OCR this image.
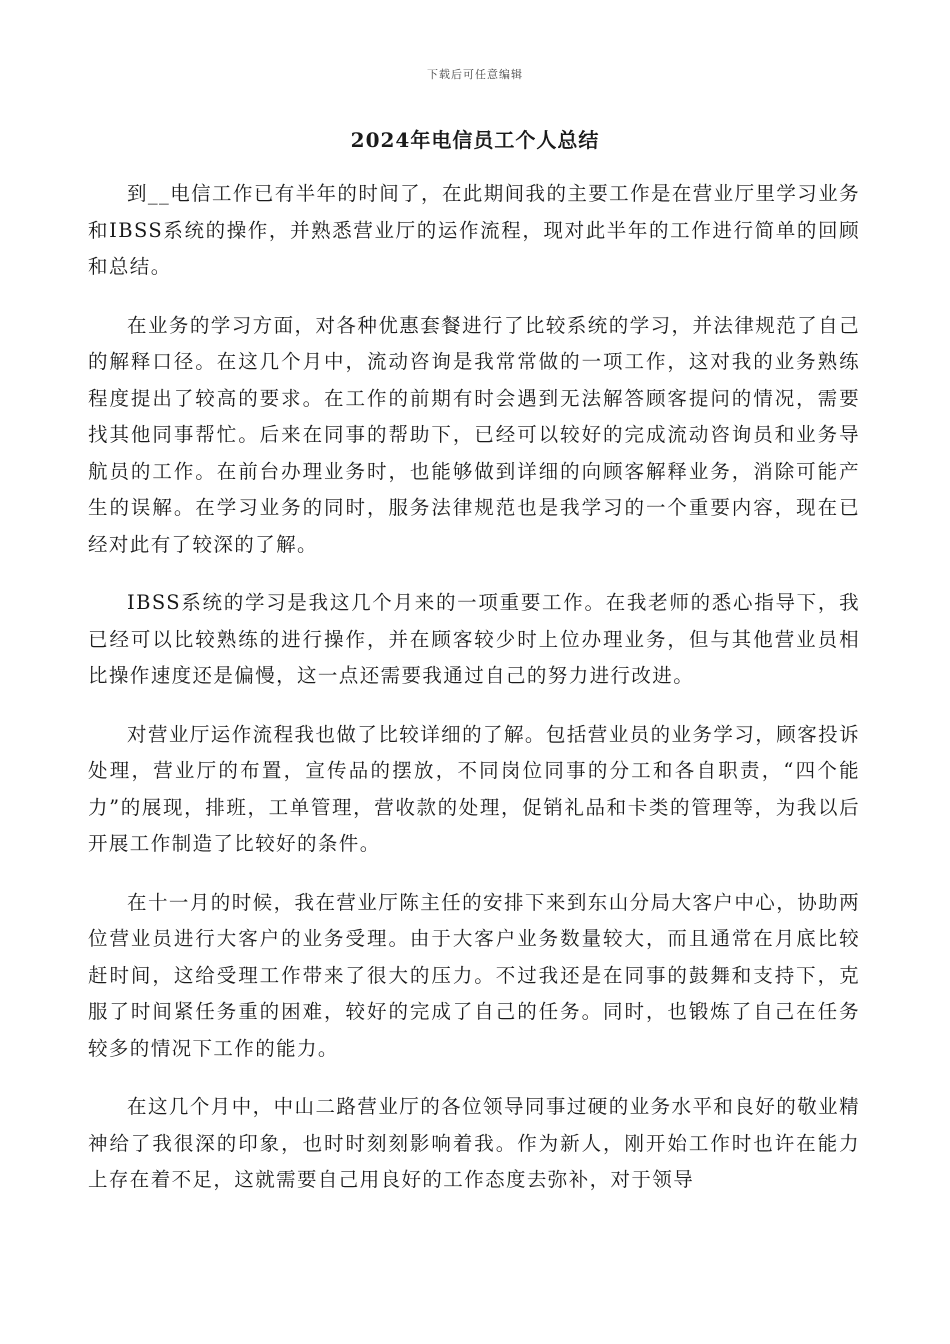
下载后可任意编辑
2024年电信员工个人总结

到__电信工作已有半年的时间了，在此期间我的主要工作是在营业厅里学习业务和IBSS系统的操作，并熟悉营业厅的运作流程，现对此半年的工作进行简单的回顾和总结。

在业务的学习方面，对各种优惠套餐进行了比较系统的学习，并法律规范了自己的解释口径。在这几个月中，流动咨询是我常常做的一项工作，这对我的业务熟练程度提出了较高的要求。在工作的前期有时会遇到无法解答顾客提问的情况，需要找其他同事帮忙。后来在同事的帮助下，已经可以较好的完成流动咨询员和业务导航员的工作。在前台办理业务时，也能够做到详细的向顾客解释业务，消除可能产生的误解。在学习业务的同时，服务法律规范也是我学习的一个重要内容，现在已经对此有了较深的了解。

IBSS系统的学习是我这几个月来的一项重要工作。在我老师的悉心指导下，我已经可以比较熟练的进行操作，并在顾客较少时上位办理业务，但与其他营业员相比操作速度还是偏慢，这一点还需要我通过自己的努力进行改进。

对营业厅运作流程我也做了比较详细的了解。包括营业员的业务学习，顾客投诉处理，营业厅的布置，宣传品的摆放，不同岗位同事的分工和各自职责，“四个能力”的展现，排班，工单管理，营收款的处理，促销礼品和卡类的管理等，为我以后开展工作制造了比较好的条件。

在十一月的时候，我在营业厅陈主任的安排下来到东山分局大客户中心，协助两位营业员进行大客户的业务受理。由于大客户业务数量较大，而且通常在月底比较赶时间，这给受理工作带来了很大的压力。不过我还是在同事的鼓舞和支持下，克服了时间紧任务重的困难，较好的完成了自己的任务。同时，也锻炼了自己在任务较多的情况下工作的能力。

在这几个月中，中山二路营业厅的各位领导同事过硬的业务水平和良好的敬业精神给了我很深的印象，也时时刻刻影响着我。作为新人，刚开始工作时也许在能力上存在着不足，这就需要自己用良好的工作态度去弥补，对于领导
